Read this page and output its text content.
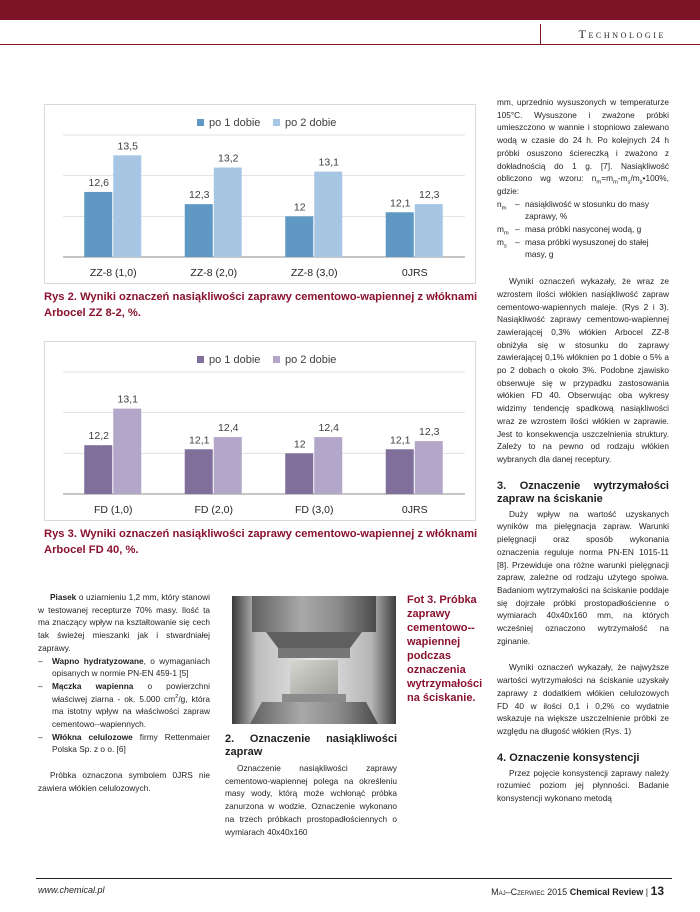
Technologie
po 1 dobie po 2 dobie
12,6
13,5
ZZ-8 (1,0)
12,3
13,2
ZZ-8 (2,0)
12
13,1
ZZ-8 (3,0)
12,1
12,3
0JRS
Rys 2. Wyniki oznaczeń nasiąkliwości zaprawy cementowo-wapiennej z włóknami Arbocel ZZ 8-2, %.
po 1 dobie po 2 dobie
12,2
13,1
FD (1,0)
12,1
12,4
FD (2,0)
12
12,4
FD (3,0)
12,1
12,3
0JRS
Rys 3. Wyniki oznaczeń nasiąkliwości zaprawy cementowo-wapiennej z włóknami Arbocel FD 40, %.

Piasek o uziarnieniu 1,2 mm, który stanowi w testowanej recepturze 70% masy. Ilość ta ma znaczący wpływ na kształtowanie się cech tak świeżej mieszanki jak i stwardniałej zaprawy.

–	Wapno hydratyzowane, o wymaganiach opisanych w normie PN-EN 459-1 [5]

–	Mączka wapienna o powierzchni właściwej ziarna - ok. 5.000 $cm^2/g$, która ma istotny wpływ na właściwości zapraw cementowo--wapiennych.

–	Włókna celulozowe firmy Rettenmaier Polska Sp. z o o. [6]

Próbka oznaczona symbolem 0JRS nie zawiera włókien celulozowych.

Fot 3. Próbka zaprawy cementowo--wapiennej podczas oznaczenia wytrzymałości na ściskanie.

2. Oznaczenie nasiąkliwości zapraw

Oznaczenie nasiąkliwości zaprawy cementowo-wapiennej polega na określeniu masy wody, którą może wchłonąć próbka zanurzona w wodzie. Oznaczenie wykonano na trzech próbkach prostopadłościennych o wymiarach 40x40x160

mm, uprzednio wysuszonych w temperaturze 105°C. Wysuszone i zważone próbki umieszczono w wannie i stopniowo zalewano wodą w czasie do 24 h. Po kolejnych 24 h próbki osuszono ściereczką i zważono z dokładnością do 1 g. [7]. Nasiąkliwość obliczono wg wzoru: $n_m=m_m-m_s/m_s•100\%$, gdzie:

$n_m$	– nasiąkliwość w stosunku do masy zaprawy, %
$m_m$ – masa próbki nasyconej wodą, g
$m_s$ – masa próbki wysuszonej do stałej masy, g

Wyniki oznaczeń wykazały, że wraz ze wzrostem ilości włókien nasiąkliwość zapraw cementowo-wapiennych maleje. (Rys 2 i 3). Nasiąkliwość zaprawy cementowo-wapiennej zawierającej 0,3% włókien Arbocel ZZ-8 obniżyła się w stosunku do zaprawy zawierającej 0,1% włóknien po 1 dobie o 5% a po 2 dobach o około 3%. Podobne zjawisko obserwuje się w przypadku zastosowania włókien FD 40. Obserwując oba wykresy widzimy tendencję spadkową nasiąkliwości wraz ze wzrostem ilości włókien w zaprawie. Jest to konsekwencja uszczelnienia struktury. Zależy to na pewno od rodzaju włókien wybranych dla danej receptury.

3. Oznaczenie wytrzymałości zapraw na ściskanie

Duży wpływ na wartość uzyskanych wyników ma pielęgnacja zapraw. Warunki pielęgnacji oraz sposób wykonania oznaczenia reguluje norma PN-EN 1015-11 [8]. Przewiduje ona różne warunki pielęgnacji zapraw, zależne od rodzaju użytego spoiwa. Badaniom wytrzymałości na ściskanie poddaje się dojrzałe próbki prostopadłościenne o wymiarach 40x40x160 mm, na których wcześniej oznaczono wytrzymałość na zginanie.

Wyniki oznaczeń wykazały, że najwyższe wartości wytrzymałości na ściskanie uzyskały zaprawy z dodatkiem włókien celulozowych FD 40 w ilości 0,1 i 0,2% co wydatnie wskazuje na większe uszczelnienie próbki ze względu na długość włókien (Rys. 1)

4. Oznaczenie konsystencji

Przez pojęcie konsystencji zaprawy należy rozumieć poziom jej płynności. Badanie konsystencji wykonano metodą

www.chemical.pl	Maj–Czerwiec 2015 Chemical Review | 13
